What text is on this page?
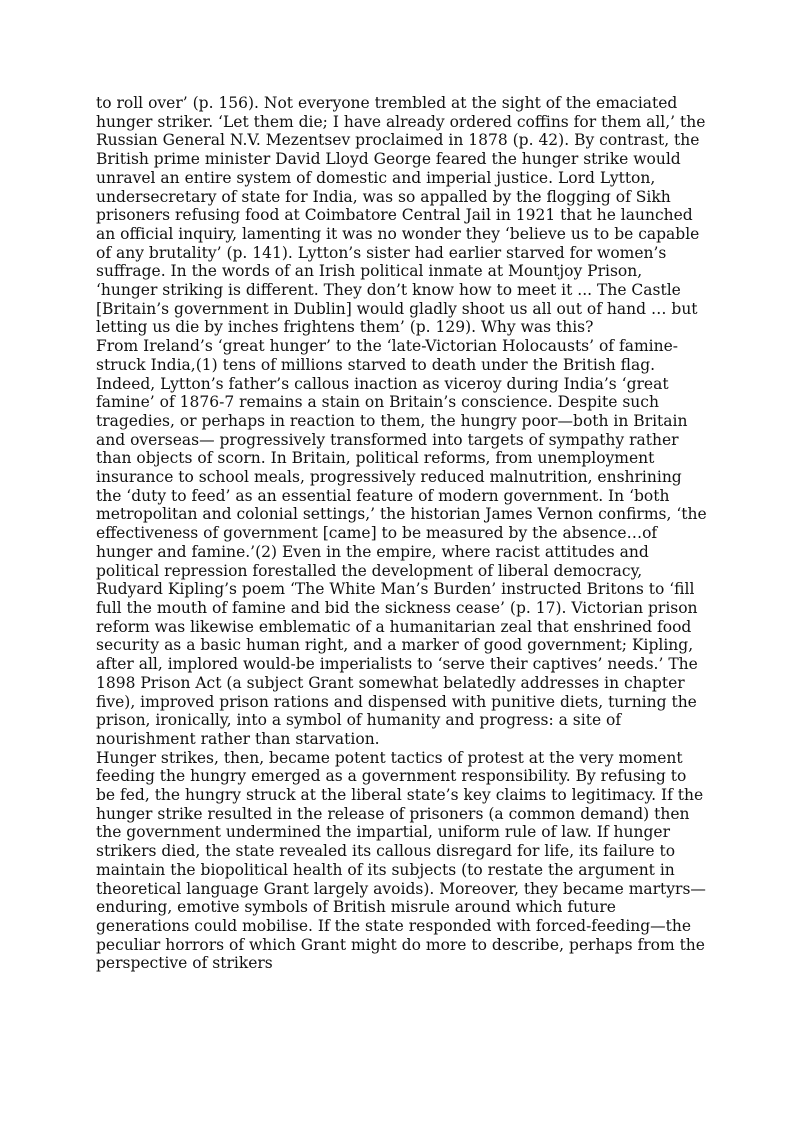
to roll over’ (p. 156). Not everyone trembled at the sight of the emaciated hunger striker. ‘Let them die; I have already ordered coffins for them all,’ the Russian General N.V. Mezentsev proclaimed in 1878 (p. 42). By contrast, the British prime minister David Lloyd George feared the hunger strike would unravel an entire system of domestic and imperial justice. Lord Lytton, undersecretary of state for India, was so appalled by the flogging of Sikh prisoners refusing food at Coimbatore Central Jail in 1921 that he launched an official inquiry, lamenting it was no wonder they ‘believe us to be capable of any brutality’ (p. 141). Lytton’s sister had earlier starved for women’s suffrage. In the words of an Irish political inmate at Mountjoy Prison, ‘hunger striking is different. They don’t know how to meet it ... The Castle [Britain’s government in Dublin] would gladly shoot us all out of hand … but letting us die by inches frightens them’ (p. 129). Why was this?

From Ireland’s ‘great hunger’ to the ‘late-Victorian Holocausts’ of famine-struck India,(1) tens of millions starved to death under the British flag. Indeed, Lytton’s father’s callous inaction as viceroy during India’s ‘great famine’ of 1876-7 remains a stain on Britain’s conscience. Despite such tragedies, or perhaps in reaction to them, the hungry poor—both in Britain and overseas— progressively transformed into targets of sympathy rather than objects of scorn. In Britain, political reforms, from unemployment insurance to school meals, progressively reduced malnutrition, enshrining the ‘duty to feed’ as an essential feature of modern government. In ‘both metropolitan and colonial settings,’ the historian James Vernon confirms, ‘the effectiveness of government [came] to be measured by the absence…of hunger and famine.’(2) Even in the empire, where racist attitudes and political repression forestalled the development of liberal democracy, Rudyard Kipling’s poem ‘The White Man’s Burden’ instructed Britons to ‘fill full the mouth of famine and bid the sickness cease’ (p. 17). Victorian prison reform was likewise emblematic of a humanitarian zeal that enshrined food security as a basic human right, and a marker of good government; Kipling, after all, implored would-be imperialists to ‘serve their captives’ needs.’ The 1898 Prison Act (a subject Grant somewhat belatedly addresses in chapter five), improved prison rations and dispensed with punitive diets, turning the prison, ironically, into a symbol of humanity and progress: a site of nourishment rather than starvation.

Hunger strikes, then, became potent tactics of protest at the very moment feeding the hungry emerged as a government responsibility. By refusing to be fed, the hungry struck at the liberal state’s key claims to legitimacy. If the hunger strike resulted in the release of prisoners (a common demand) then the government undermined the impartial, uniform rule of law. If hunger strikers died, the state revealed its callous disregard for life, its failure to maintain the biopolitical health of its subjects (to restate the argument in theoretical language Grant largely avoids). Moreover, they became martyrs—enduring, emotive symbols of British misrule around which future generations could mobilise. If the state responded with forced-feeding—the peculiar horrors of which Grant might do more to describe, perhaps from the perspective of strikers
